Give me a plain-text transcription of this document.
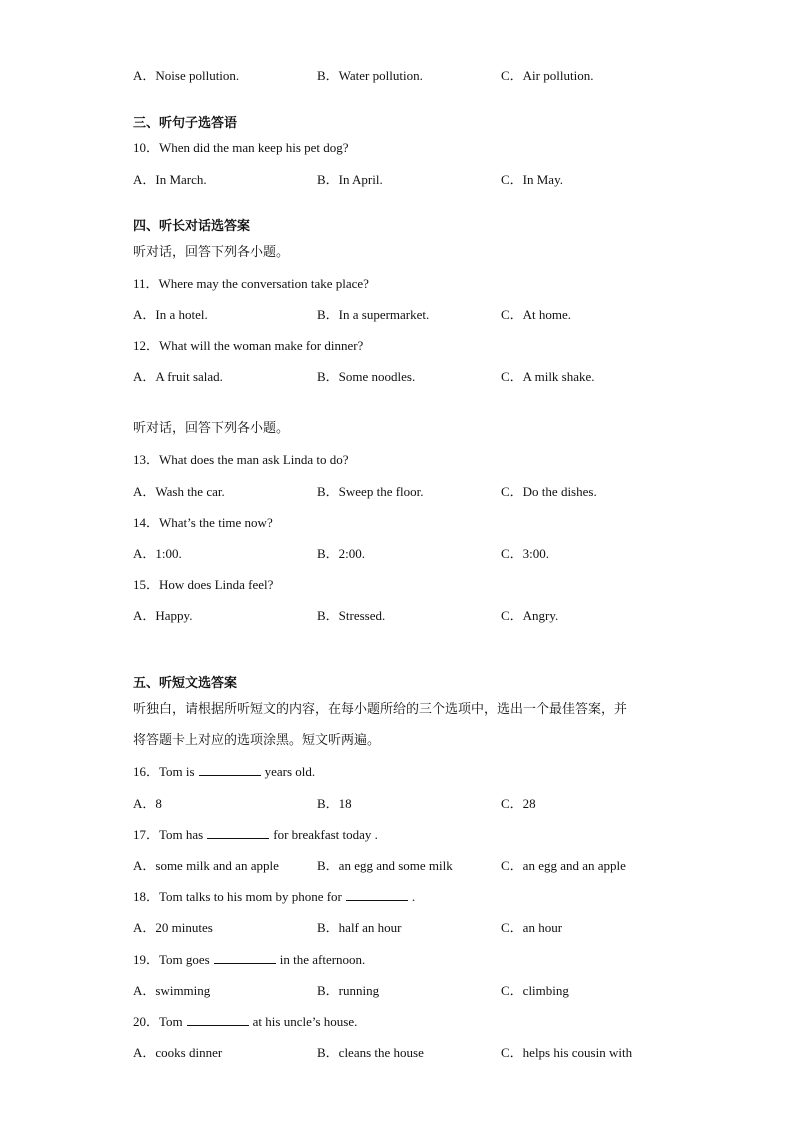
A．Noise pollution.	B．Water pollution.	C．Air pollution.
三、听句子选答语
10．When did the man keep his pet dog?
A．In March.	B．In April.	C．In May.
四、听长对话选答案
听对话，回答下列各小题。
11．Where may the conversation take place?
A．In a hotel.	B．In a supermarket.	C．At home.
12．What will the woman make for dinner?
A．A fruit salad.	B．Some noodles.	C．A milk shake.
听对话，回答下列各小题。
13．What does the man ask Linda to do?
A．Wash the car.	B．Sweep the floor.	C．Do the dishes.
14．What’s the time now?
A．1:00.	B．2:00.	C．3:00.
15．How does Linda feel?
A．Happy.	B．Stressed.	C．Angry.
五、听短文选答案
听独白，请根据所听短文的内容，在每小题所给的三个选项中，选出一个最佳答案，并
将答题卡上对应的选项涂黑。短文听两遍。
16．Tom is	years old.
A．8	B．18	C．28
17．Tom has	for breakfast today .
A．some milk and an apple	B．an egg and some milk	C．an egg and an apple
18．Tom talks to his mom by phone for	.
A．20 minutes	B．half an hour	C．an hour
19．Tom goes	in the afternoon.
A．swimming	B．running	C．climbing
20．Tom	at his uncle’s house.
A．cooks dinner	B．cleans the house	C．helps his cousin with
